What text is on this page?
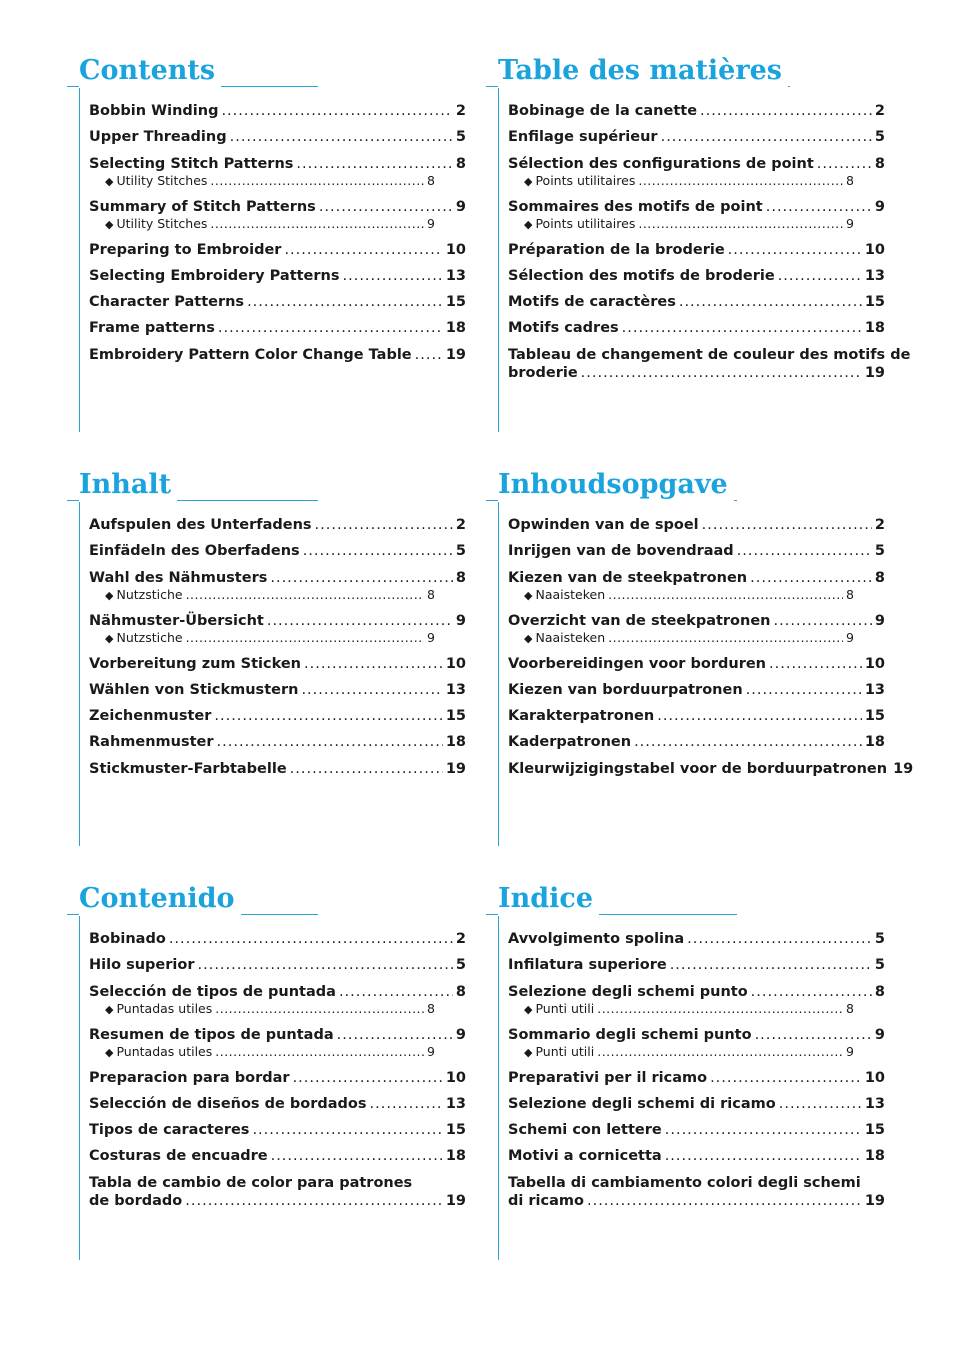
Contents
Bobbin Winding .....	2
Upper Threading .....	5
Selecting Stitch Patterns .....	8
◆ Utility Stitches .....	8
Summary of Stitch Patterns .....	9
◆ Utility Stitches .....	9
Preparing to Embroider .....	10
Selecting Embroidery Patterns .....	13
Character Patterns .....	15
Frame patterns .....	18
Embroidery Pattern Color Change Table ..... 19
Table des matières
Bobinage de la canette .....	2
Enfilage supérieur .....	5
Sélection des configurations de point .....	8
◆ Points utilitaires .....	8
Sommaires des motifs de point .....	9
◆ Points utilitaires .....	9
Préparation de la broderie .....	10
Sélection des motifs de broderie .....	13
Motifs de caractères .....	15
Motifs cadres .....	18
Tableau de changement de couleur des motifs de
broderie .....	19
Inhalt
Aufspulen des Unterfadens .....	2
Einfädeln des Oberfadens .....	5
Wahl des Nähmusters .....	8
◆ Nutzstiche .....	8
Nähmuster-Übersicht .....	9
◆ Nutzstiche .....	9
Vorbereitung zum Sticken .....	10
Wählen von Stickmustern .....	13
Zeichenmuster .....	15
Rahmenmuster .....	18
Stickmuster-Farbtabelle .....	19
Inhoudsopgave
Opwinden van de spoel .....	2
Inrijgen van de bovendraad .....	5
Kiezen van de steekpatronen .....	8
◆ Naaisteken .....	8
Overzicht van de steekpatronen .....	9
◆ Naaisteken .....	9
Voorbereidingen voor borduren .....	10
Kiezen van borduurpatronen .....	13
Karakterpatronen .....	15
Kaderpatronen .....	18
Kleurwijzigingstabel voor de borduurpatronen 19
Contenido
Bobinado .....	2
Hilo superior .....	5
Selección de tipos de puntada .....	8
◆ Puntadas utiles .....	8
Resumen de tipos de puntada .....	9
◆ Puntadas utiles .....	9
Preparacion para bordar .....	10
Selección de diseños de bordados .....	13
Tipos de caracteres .....	15
Costuras de encuadre .....	18
Tabla de cambio de color para patrones
de bordado .....	19
Indice
Avvolgimento spolina .....	5
Infilatura superiore .....	5
Selezione degli schemi punto .....	8
◆ Punti utili .....	8
Sommario degli schemi punto .....	9
◆ Punti utili .....	9
Preparativi per il ricamo .....	10
Selezione degli schemi di ricamo .....	13
Schemi con lettere .....	15
Motivi a cornicetta .....	18
Tabella di cambiamento colori degli schemi
di ricamo .....	19
